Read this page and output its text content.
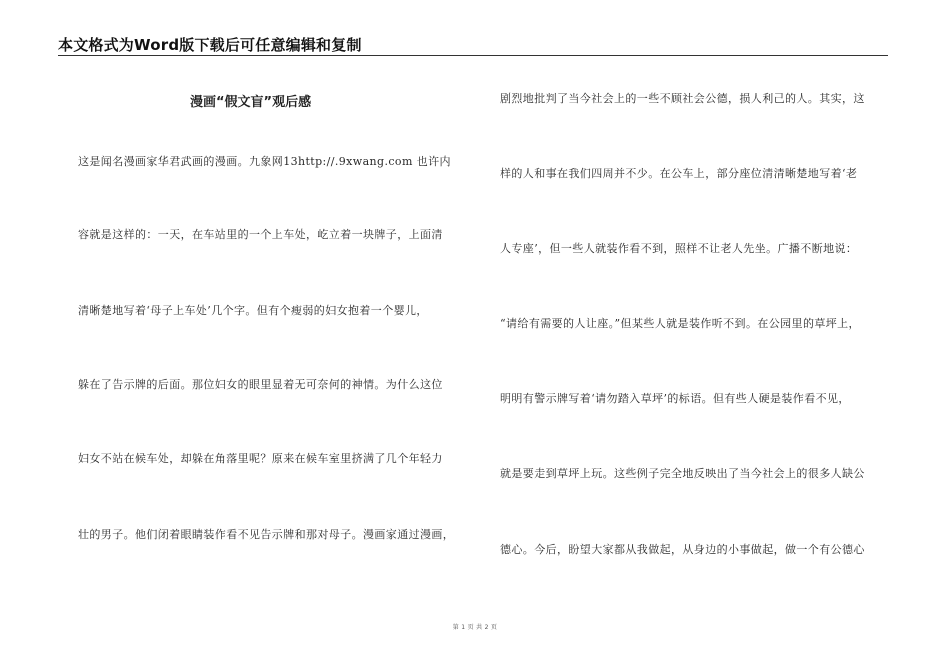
本文格式为Word版下载后可任意编辑和复制
漫画“假文盲”观后感
这是闻名漫画家华君武画的漫画。九象网13http://.9xwang.com 也许内
容就是这样的：一天，在车站里的一个上车处，屹立着一块牌子，上面清
清晰楚地写着‘母子上车处’几个字。但有个瘦弱的妇女抱着一个婴儿，
躲在了告示牌的后面。那位妇女的眼里显着无可奈何的神情。为什么这位
妇女不站在候车处，却躲在角落里呢？原来在候车室里挤满了几个年轻力
壮的男子。他们闭着眼睛装作看不见告示牌和那对母子。漫画家通过漫画，
剧烈地批判了当今社会上的一些不顾社会公德，损人利己的人。其实，这
样的人和事在我们四周并不少。在公车上，部分座位清清晰楚地写着‘老
人专座’，但一些人就装作看不到，照样不让老人先坐。广播不断地说：
“请给有需要的人让座。”但某些人就是装作听不到。在公园里的草坪上，
明明有警示牌写着‘请勿踏入草坪’的标语。但有些人硬是装作看不见，
就是要走到草坪上玩。这些例子完全地反映出了当今社会上的很多人缺公
德心。今后，盼望大家都从我做起，从身边的小事做起，做一个有公德心
第 1 页 共 2 页
